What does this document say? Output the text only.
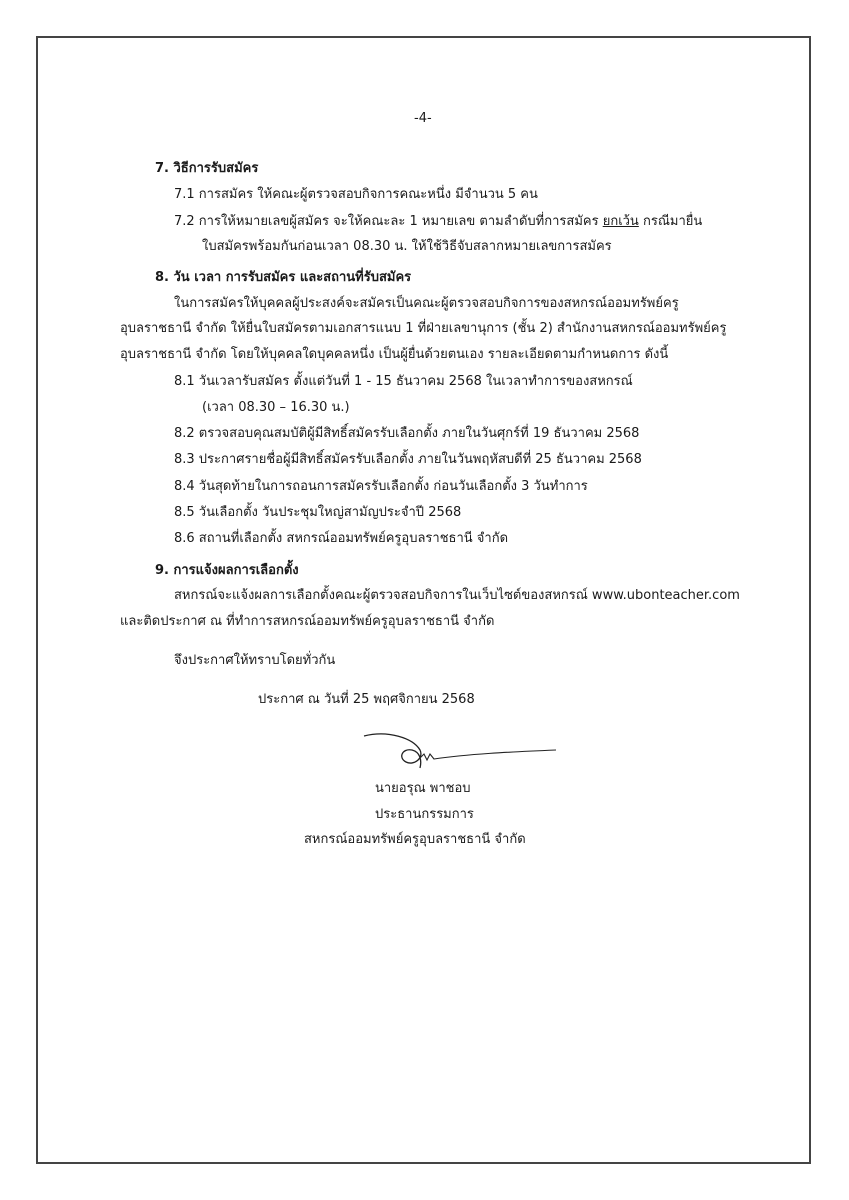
-4-
7. วิธีการรับสมัคร
7.1 การสมัคร ให้คณะผู้ตรวจสอบกิจการคณะหนึ่ง มีจำนวน 5 คน
7.2 การให้หมายเลขผู้สมัคร จะให้คณะละ 1 หมายเลข ตามลำดับที่การสมัคร ยกเว้น กรณีมายื่น
ใบสมัครพร้อมกันก่อนเวลา 08.30 น. ให้ใช้วิธีจับสลากหมายเลขการสมัคร
8. วัน เวลา การรับสมัคร และสถานที่รับสมัคร
ในการสมัครให้บุคคลผู้ประสงค์จะสมัครเป็นคณะผู้ตรวจสอบกิจการของสหกรณ์ออมทรัพย์ครู
อุบลราชธานี จำกัด ให้ยื่นใบสมัครตามเอกสารแนบ 1 ที่ฝ่ายเลขานุการ (ชั้น 2) สำนักงานสหกรณ์ออมทรัพย์ครู
อุบลราชธานี จำกัด โดยให้บุคคลใดบุคคลหนึ่ง เป็นผู้ยื่นด้วยตนเอง รายละเอียดตามกำหนดการ ดังนี้
8.1 วันเวลารับสมัคร ตั้งแต่วันที่ 1 - 15 ธันวาคม 2568 ในเวลาทำการของสหกรณ์
(เวลา 08.30 – 16.30 น.)
8.2 ตรวจสอบคุณสมบัติผู้มีสิทธิ์สมัครรับเลือกตั้ง ภายในวันศุกร์ที่ 19 ธันวาคม 2568
8.3 ประกาศรายชื่อผู้มีสิทธิ์สมัครรับเลือกตั้ง ภายในวันพฤหัสบดีที่ 25 ธันวาคม 2568
8.4 วันสุดท้ายในการถอนการสมัครรับเลือกตั้ง ก่อนวันเลือกตั้ง 3 วันทำการ
8.5 วันเลือกตั้ง วันประชุมใหญ่สามัญประจำปี 2568
8.6 สถานที่เลือกตั้ง สหกรณ์ออมทรัพย์ครูอุบลราชธานี จำกัด
9. การแจ้งผลการเลือกตั้ง
สหกรณ์จะแจ้งผลการเลือกตั้งคณะผู้ตรวจสอบกิจการในเว็บไซต์ของสหกรณ์ www.ubonteacher.com
และติดประกาศ ณ ที่ทำการสหกรณ์ออมทรัพย์ครูอุบลราชธานี จำกัด
จึงประกาศให้ทราบโดยทั่วกัน
ประกาศ ณ วันที่ 25 พฤศจิกายน 2568
นายอรุณ พาชอบ
ประธานกรรมการ
สหกรณ์ออมทรัพย์ครูอุบลราชธานี จำกัด
